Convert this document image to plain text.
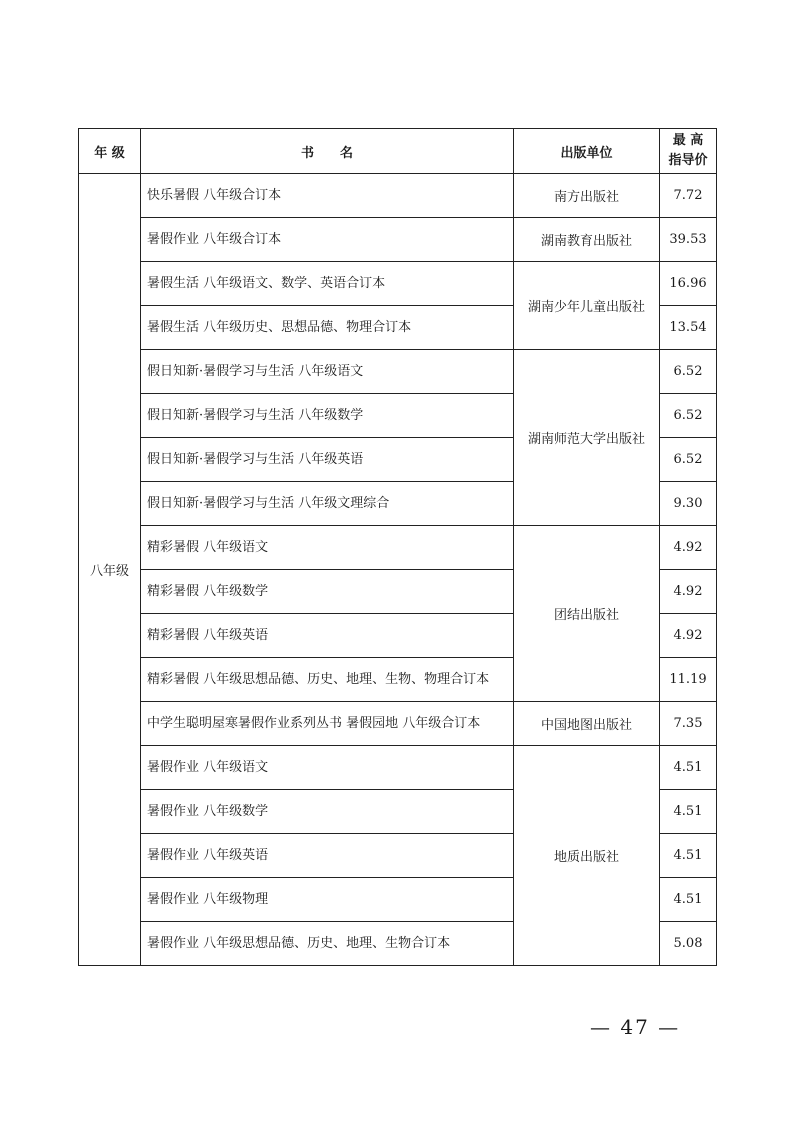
年 级	书　　名	出版单位	最 高
指导价
八年级	快乐暑假 八年级合订本	南方出版社	7.72
	暑假作业 八年级合订本	湖南教育出版社	39.53
	暑假生活 八年级语文、数学、英语合订本	湖南少年儿童出版社	16.96
	暑假生活 八年级历史、思想品德、物理合订本		13.54
	假日知新·暑假学习与生活 八年级语文	湖南师范大学出版社	6.52
	假日知新·暑假学习与生活 八年级数学		6.52
	假日知新·暑假学习与生活 八年级英语		6.52
	假日知新·暑假学习与生活 八年级文理综合		9.30
	精彩暑假 八年级语文	团结出版社	4.92
	精彩暑假 八年级数学		4.92
	精彩暑假 八年级英语		4.92
	精彩暑假 八年级思想品德、历史、地理、生物、物理合订本		11.19
	中学生聪明屋寒暑假作业系列丛书 暑假园地 八年级合订本	中国地图出版社	7.35
	暑假作业 八年级语文	地质出版社	4.51
	暑假作业 八年级数学		4.51
	暑假作业 八年级英语		4.51
	暑假作业 八年级物理		4.51
	暑假作业 八年级思想品德、历史、地理、生物合订本		5.08
— 47 —
